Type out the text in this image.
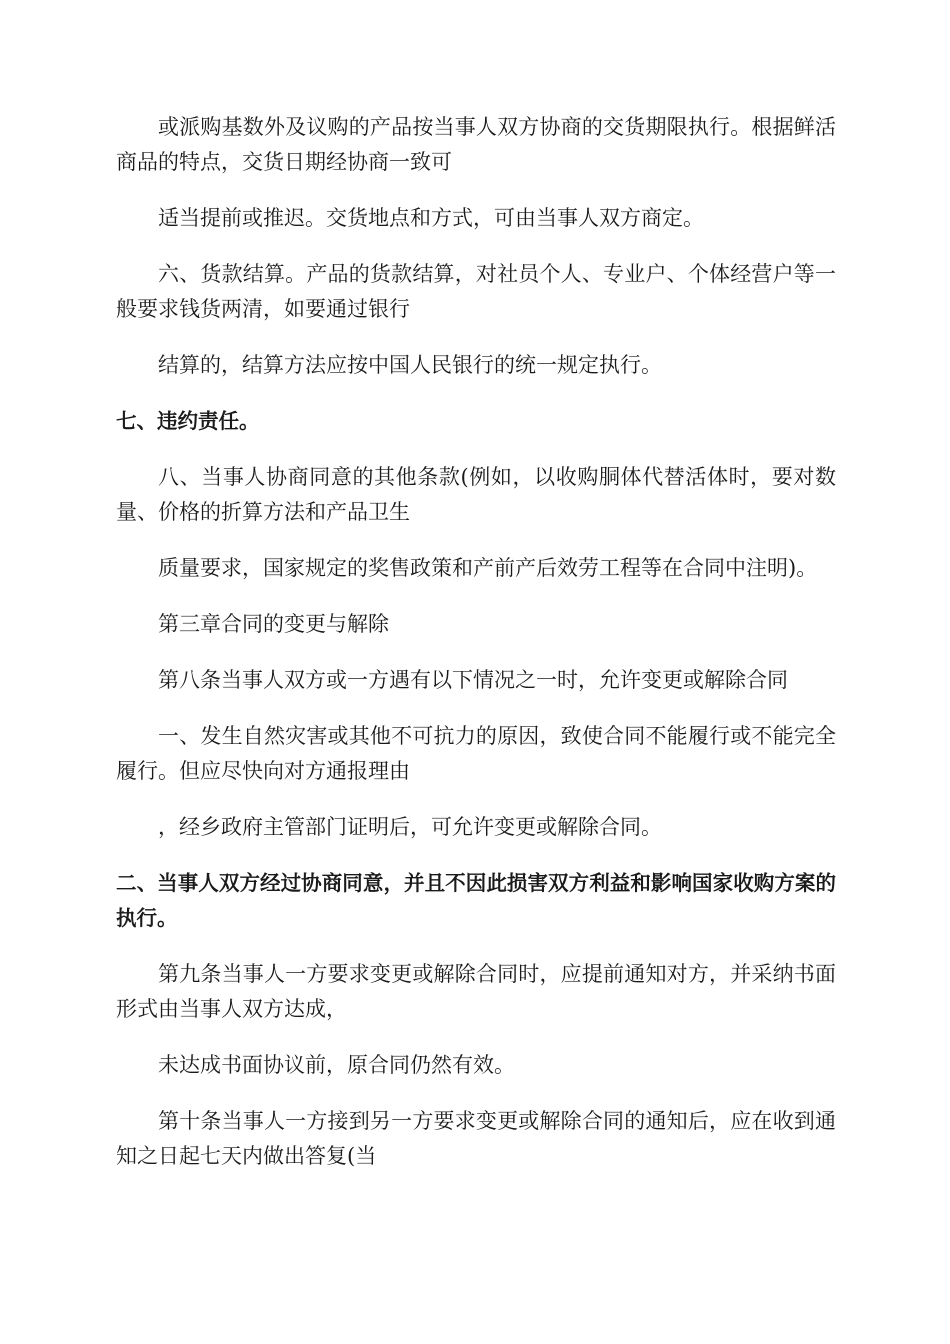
或派购基数外及议购的产品按当事人双方协商的交货期限执行。根据鲜活商品的特点，交货日期经协商一致可

适当提前或推迟。交货地点和方式，可由当事人双方商定。

六、货款结算。产品的货款结算，对社员个人、专业户、个体经营户等一般要求钱货两清，如要通过银行

结算的，结算方法应按中国人民银行的统一规定执行。

七、违约责任。

八、当事人协商同意的其他条款(例如，以收购胴体代替活体时，要对数量、价格的折算方法和产品卫生

质量要求，国家规定的奖售政策和产前产后效劳工程等在合同中注明)。

第三章合同的变更与解除

第八条当事人双方或一方遇有以下情况之一时，允许变更或解除合同

一、发生自然灾害或其他不可抗力的原因，致使合同不能履行或不能完全履行。但应尽快向对方通报理由

，经乡政府主管部门证明后，可允许变更或解除合同。

二、当事人双方经过协商同意，并且不因此损害双方利益和影响国家收购方案的执行。

第九条当事人一方要求变更或解除合同时，应提前通知对方，并采纳书面形式由当事人双方达成，

未达成书面协议前，原合同仍然有效。

第十条当事人一方接到另一方要求变更或解除合同的通知后，应在收到通知之日起七天内做出答复(当
